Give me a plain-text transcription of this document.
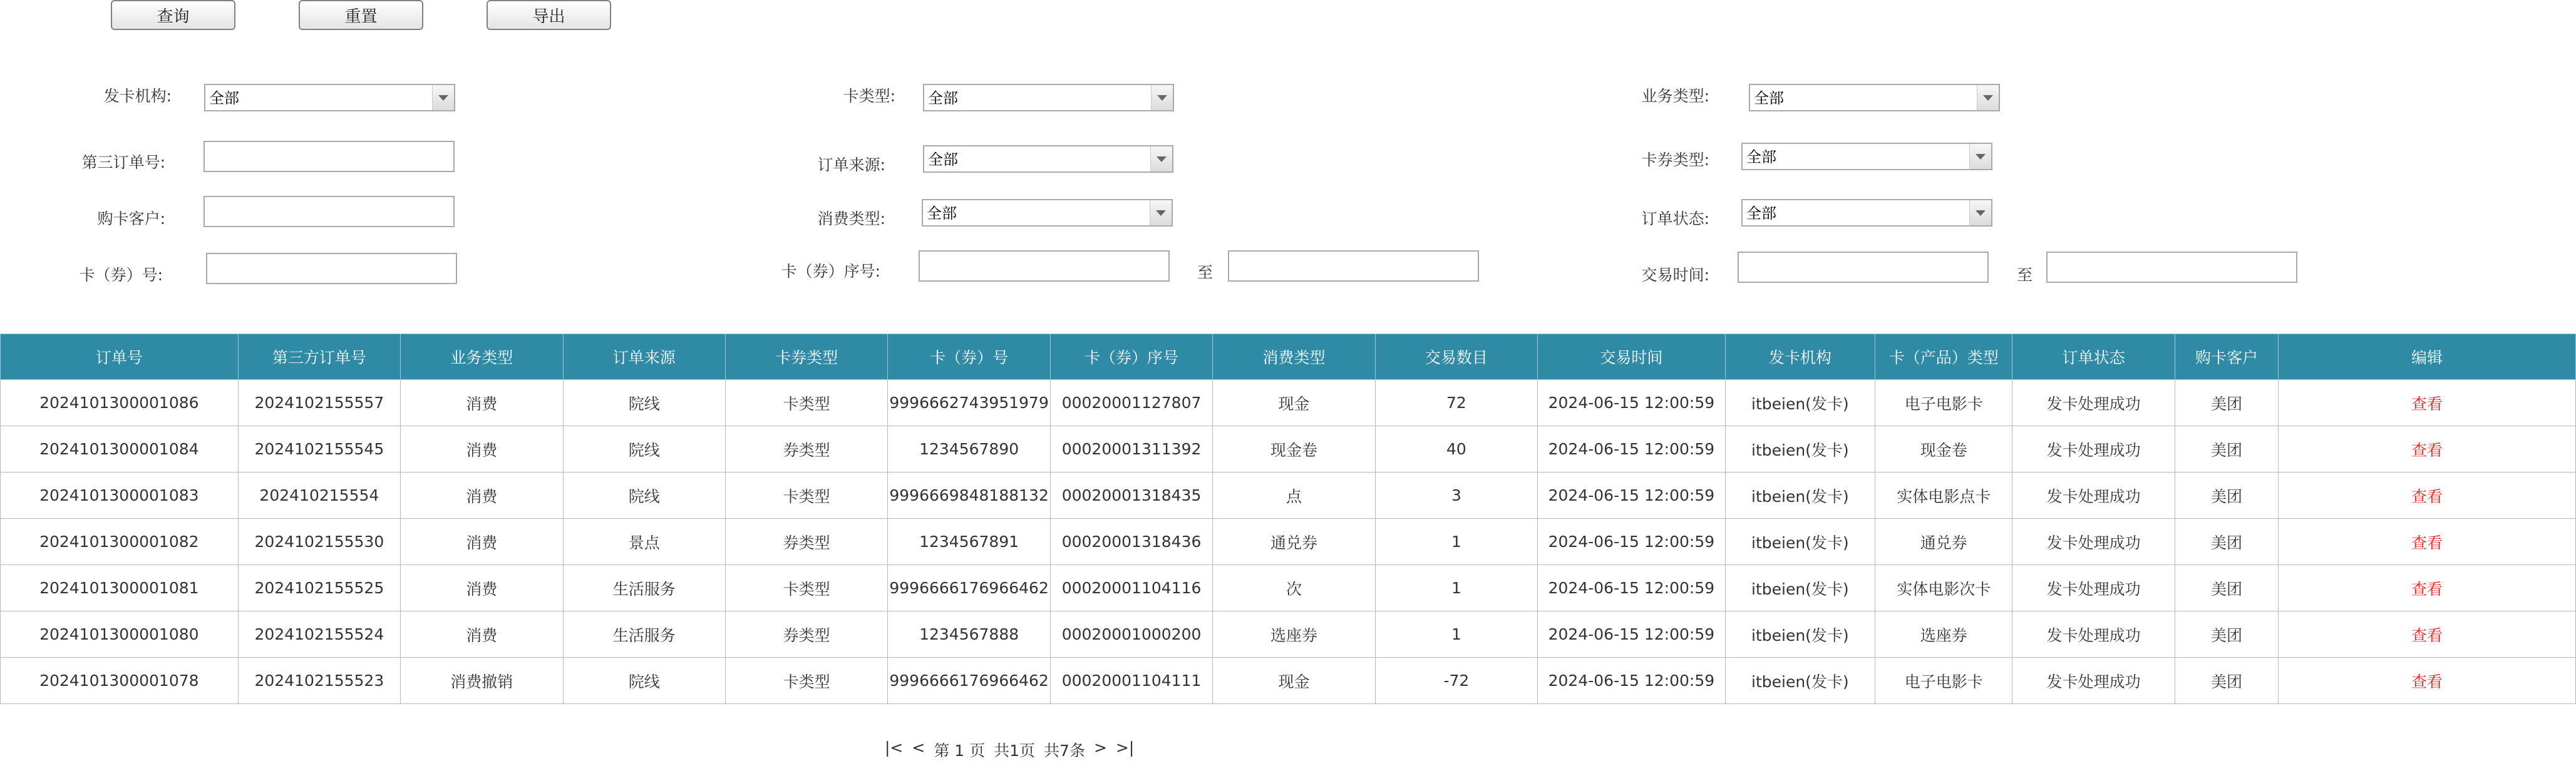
查询	重置	导出
发卡机构:	全部	卡类型: 全部	业务类型:	全部
第三订单号:	订单来源:	全部	卡券类型: 全部
购卡客户:	消费类型:	全部	订单状态: 全部
卡（券）号:	卡（券）序号:	至	交易时间:	至
订单号	第三方订单号	业务类型	订单来源	卡券类型	卡（券）号	卡（券）序号	消费类型	交易数目	交易时间	发卡机构	卡（产品）类型	订单状态	购卡客户	编辑
2024101300001086	2024102155557	消费	院线	卡类型	9996662743951979	00020001127807	现金	72	2024-06-15 12:00:59	itbeien(发卡)	电子电影卡	发卡处理成功	美团	查看
2024101300001084	2024102155545	消费	院线	券类型	1234567890	00020001311392	现金卷	40	2024-06-15 12:00:59	itbeien(发卡)	现金卷	发卡处理成功	美团	查看
2024101300001083	202410215554	消费	院线	卡类型	9996669848188132	00020001318435	点	3	2024-06-15 12:00:59	itbeien(发卡)	实体电影点卡	发卡处理成功	美团	查看
2024101300001082	2024102155530	消费	景点	券类型	1234567891	00020001318436	通兑券	1	2024-06-15 12:00:59	itbeien(发卡)	通兑券	发卡处理成功	美团	查看
2024101300001081	2024102155525	消费	生活服务	卡类型	9996666176966462	00020001104116	次	1	2024-06-15 12:00:59	itbeien(发卡)	实体电影次卡	发卡处理成功	美团	查看
2024101300001080	2024102155524	消费	生活服务	券类型	1234567888	00020001000200	选座券	1	2024-06-15 12:00:59	itbeien(发卡)	选座券	发卡处理成功	美团	查看
2024101300001078	2024102155523	消费撤销	院线	卡类型	9996666176966462	00020001104111	现金	-72	2024-06-15 12:00:59	itbeien(发卡)	电子电影卡	发卡处理成功	美团	查看
|< < 第 1 页 共1页 共7条 > >|
